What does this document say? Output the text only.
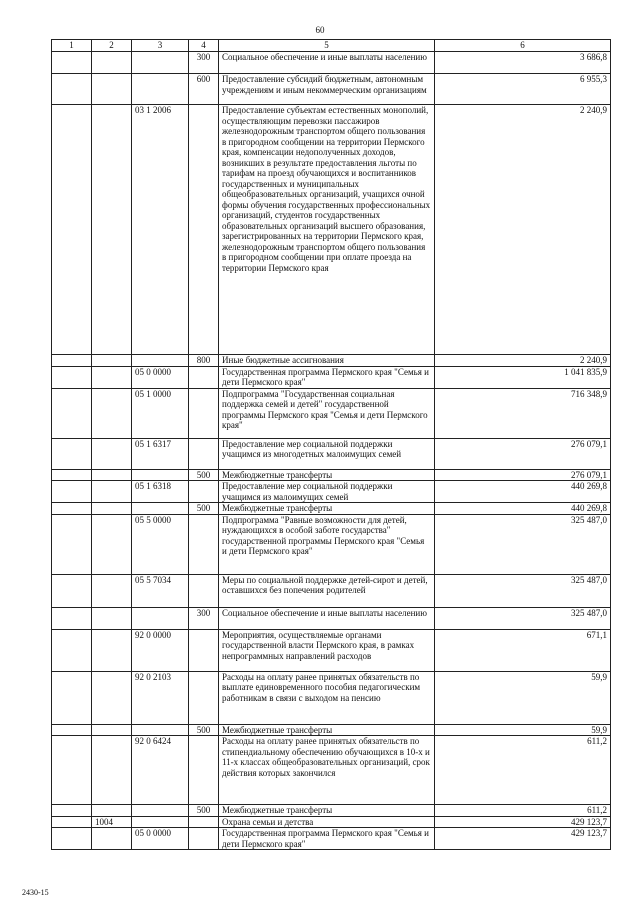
60
1	2	3	4	5	6
			300	Социальное обеспечение и иные выплаты населению	3 686,8
			600	Предоставление субсидий бюджетным, автономным учреждениям и иным некоммерческим организациям	6 955,3
		03 1 2006		Предоставление субъектам естественных монополий, осуществляющим перевозки пассажиров железнодорожным транспортом общего пользования в пригородном сообщении на территории Пермского края, компенсации недополученных доходов, возникших в результате предоставления льготы по тарифам на проезд обучающихся и воспитанников государственных и муниципальных общеобразовательных организаций, учащихся очной формы обучения государственных профессиональных организаций, студентов государственных образовательных организаций высшего образования, зарегистрированных на территории Пермского края, железнодорожным транспортом общего пользования в пригородном сообщении при оплате проезда на территории Пермского края	2 240,9
			800	Иные бюджетные ассигнования	2 240,9
		05 0 0000		Государственная программа Пермского края "Семья и дети Пермского края"	1 041 835,9
		05 1 0000		Подпрограмма "Государственная социальная поддержка семей и детей" государственной программы Пермского края "Семья и дети Пермского края"	716 348,9
		05 1 6317		Предоставление мер социальной поддержки учащимся из многодетных малоимущих семей	276 079,1
			500	Межбюджетные трансферты	276 079,1
		05 1 6318		Предоставление мер социальной поддержки учащимся из малоимущих семей	440 269,8
			500	Межбюджетные трансферты	440 269,8
		05 5 0000		Подпрограмма "Равные возможности для детей, нуждающихся в особой заботе государства" государственной программы Пермского края "Семья и дети Пермского края"	325 487,0
		05 5 7034		Меры по социальной поддержке детей-сирот и детей, оставшихся без попечения родителей	325 487,0
			300	Социальное обеспечение и иные выплаты населению	325 487,0
		92 0 0000		Мероприятия, осуществляемые органами государственной власти Пермского края, в рамках непрограммных направлений расходов	671,1
		92 0 2103		Расходы на оплату ранее принятых обязательств по выплате единовременного пособия педагогическим работникам в связи с выходом на пенсию	59,9
			500	Межбюджетные трансферты	59,9
		92 0 6424		Расходы на оплату ранее принятых обязательств по стипендиальному обеспечению обучающихся в 10-х и 11-х классах общеобразовательных организаций, срок действия которых закончился	611,2
			500	Межбюджетные трансферты	611,2
	1004			Охрана семьи и детства	429 123,7
		05 0 0000		Государственная программа Пермского края "Семья и дети Пермского края"	429 123,7
2430-15
